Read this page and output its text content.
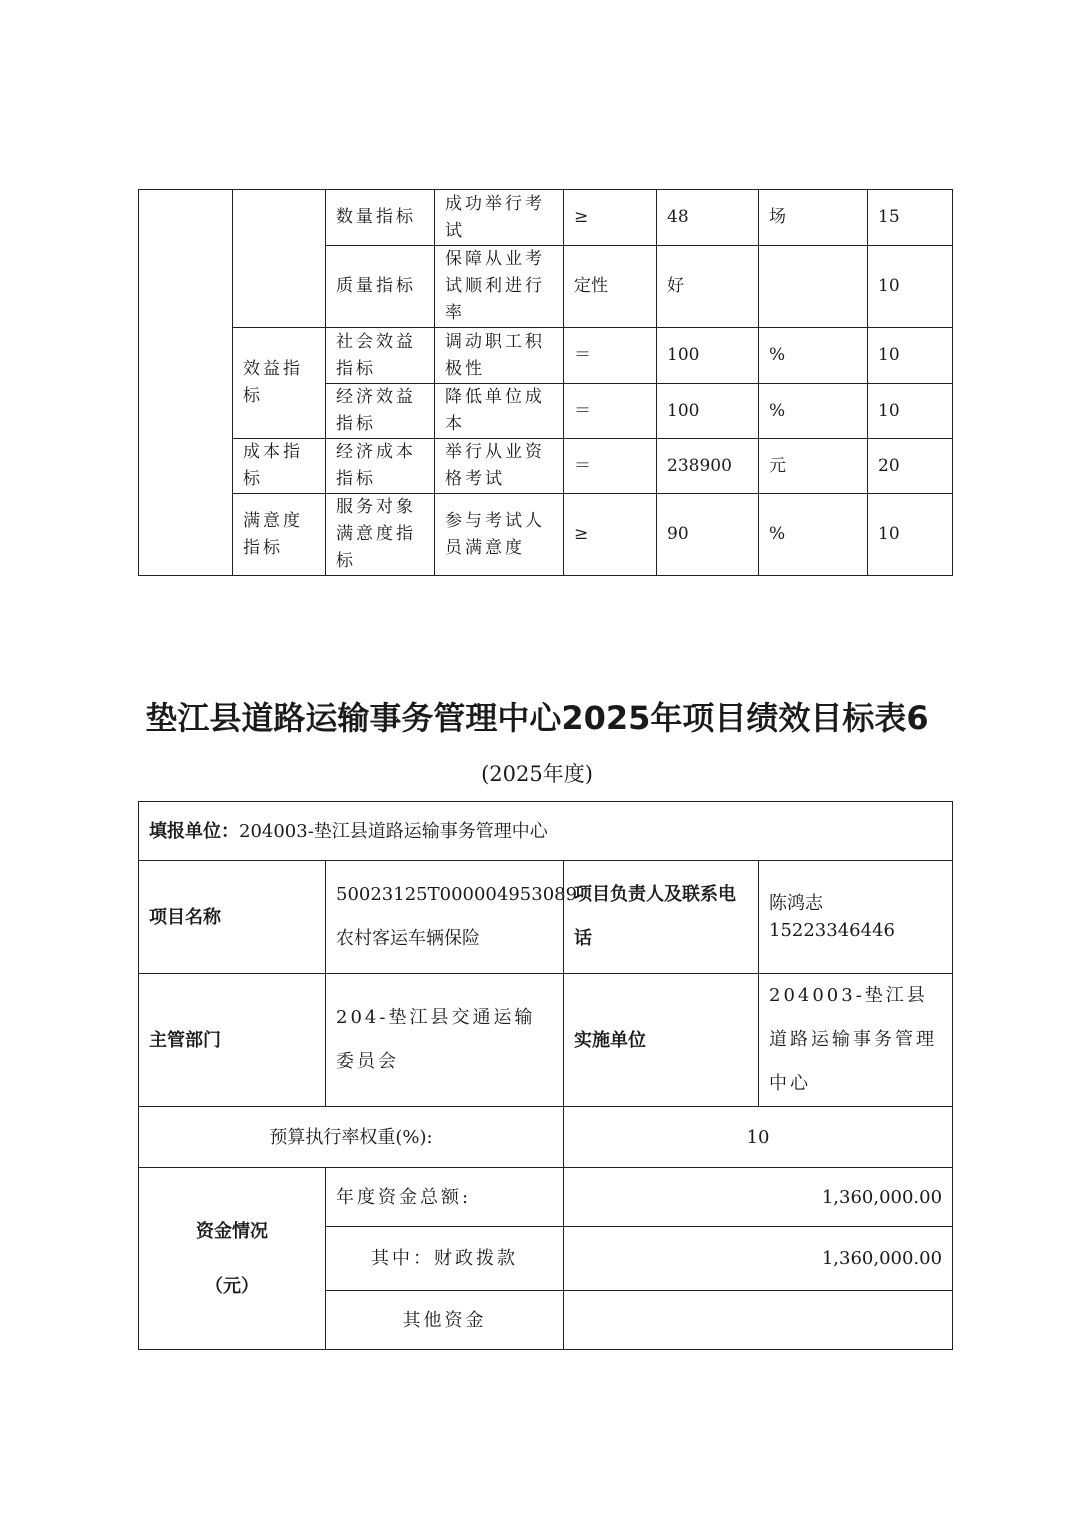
		数量指标	成功举行考试	≥	48	场	15
		质量指标	保障从业考试顺利进行率	定性	好		10
	效益指标	社会效益指标	调动职工积极性	＝	100	%	10
		经济效益指标	降低单位成本	＝	100	%	10
	成本指标	经济成本指标	举行从业资格考试	＝	238900	元	20
	满意度指标	服务对象满意度指标	参与考试人员满意度	≥	90	%	10
垫江县道路运输事务管理中心2025年项目绩效目标表6
(2025年度)
填报单位：204003-垫江县道路运输事务管理中心			
项目名称	50023125T000004953089-农村客运车辆保险	项目负责人及联系电话	陈鸿志 15223346446
主管部门	204-垫江县交通运输委员会	实施单位	204003-垫江县道路运输事务管理中心
预算执行率权重(%):		10	

资金情况
（元）	年度资金总额:	1,360,000.00	
	其中：财政拨款	1,360,000.00	
	其他资金		
